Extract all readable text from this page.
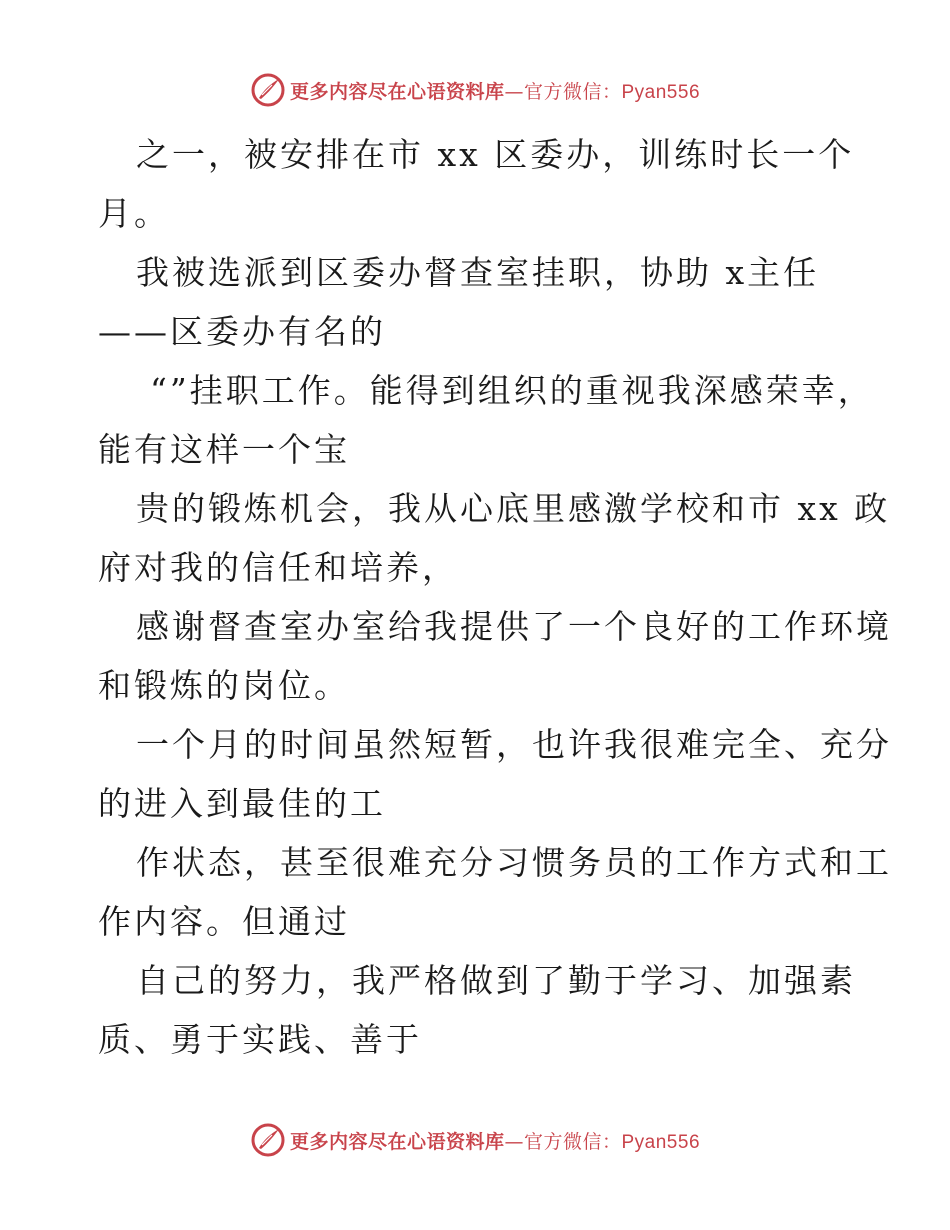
更多内容尽在心语资料库—官方微信：Pyan556
之一，被安排在市 xx 区委办，训练时长一个
月。
我被选派到区委办督查室挂职，协助 x主任
——区委办有名的
“”挂职工作。能得到组织的重视我深感荣幸，
能有这样一个宝
贵的锻炼机会，我从心底里感激学校和市 xx 政
府对我的信任和培养，
感谢督查室办室给我提供了一个良好的工作环境
和锻炼的岗位。
一个月的时间虽然短暂，也许我很难完全、充分
的进入到最佳的工
作状态，甚至很难充分习惯务员的工作方式和工
作内容。但通过
自己的努力，我严格做到了勤于学习、加强素
质、勇于实践、善于
更多内容尽在心语资料库—官方微信：Pyan556
